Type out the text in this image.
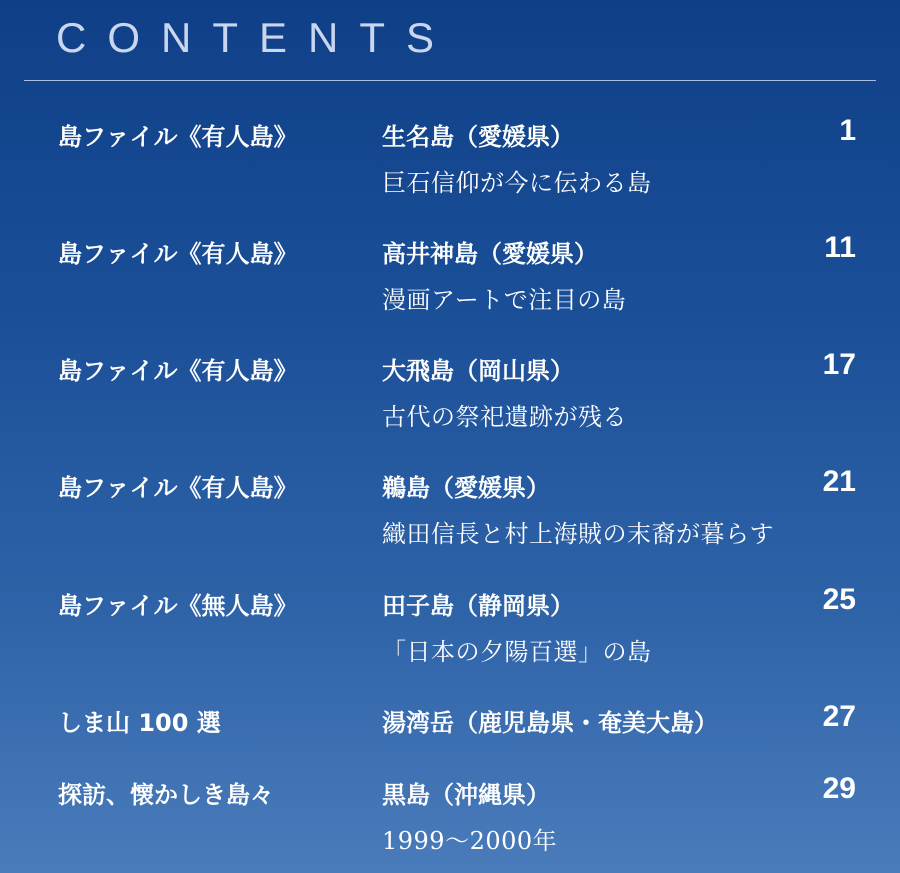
CONTENTS
島ファイル《有人島》	生名島（愛媛県）	1
巨石信仰が今に伝わる島
島ファイル《有人島》	高井神島（愛媛県）	11
漫画アートで注目の島
島ファイル《有人島》	大飛島（岡山県）	17
古代の祭祀遺跡が残る
島ファイル《有人島》	鵜島（愛媛県）	21
織田信長と村上海賊の末裔が暮らす
島ファイル《無人島》	田子島（静岡県）	25
「日本の夕陽百選」の島
しま山 100 選	湯湾岳（鹿児島県・奄美大島）	27
探訪、懐かしき島々	黒島（沖縄県）	29
1999～2000年
